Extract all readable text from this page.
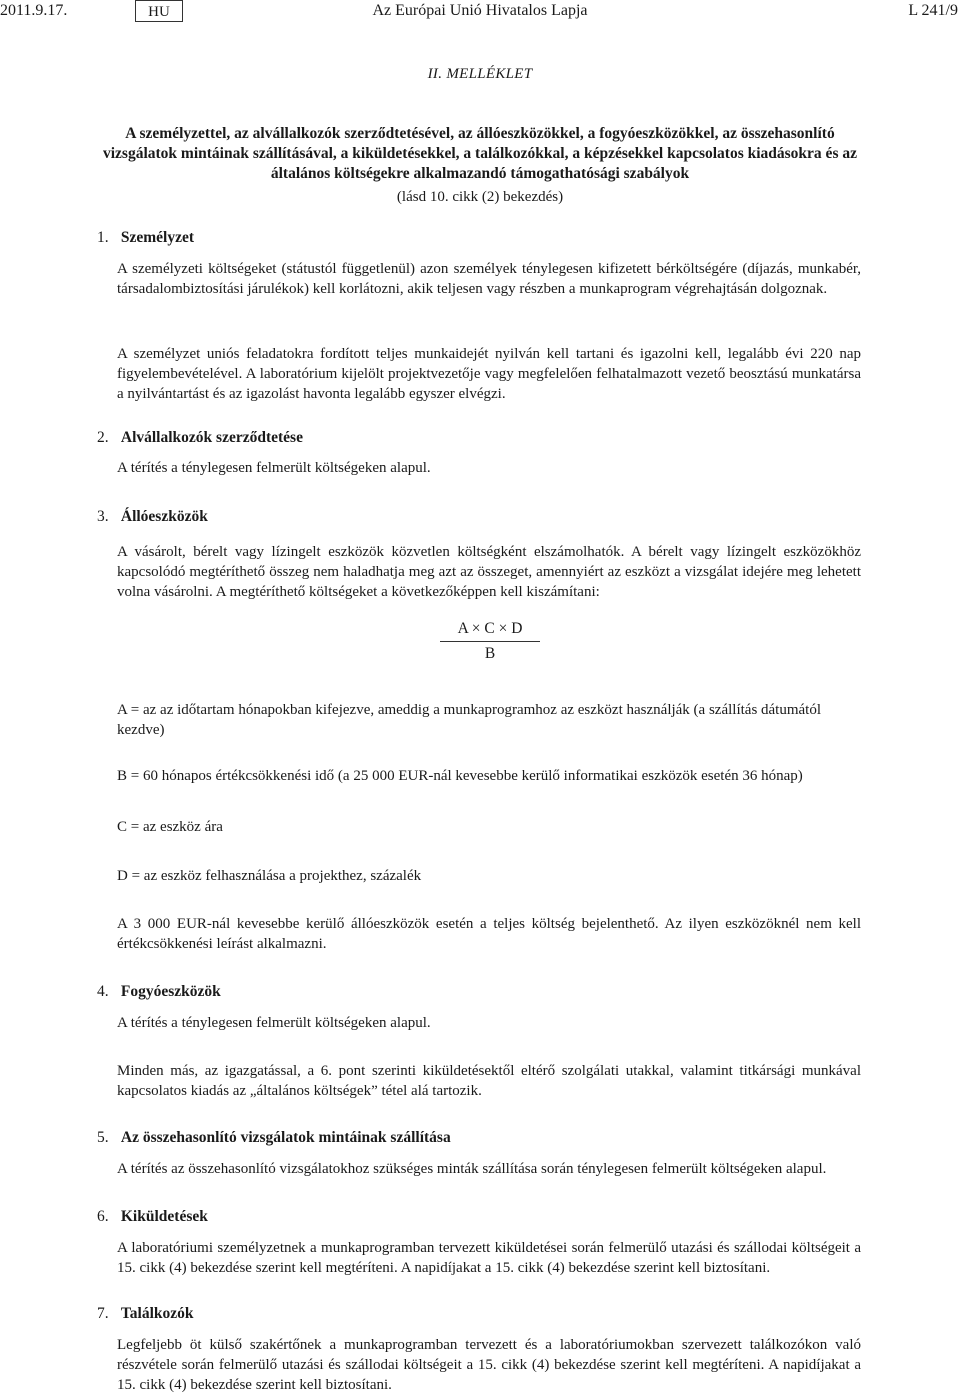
2011.9.17.	Az Európai Unió Hivatalos Lapja
HU	L 241/9
II. MELLÉKLET
A személyzettel, az alvállalkozók szerződtetésével, az állóeszközökkel, a fogyóeszközökkel, az összehasonlító vizsgálatok mintáinak szállításával, a kiküldetésekkel, a találkozókkal, a képzésekkel kapcsolatos kiadásokra és az általános költségekre alkalmazandó támogathatósági szabályok
(lásd 10. cikk (2) bekezdés)
1. Személyzet
A személyzeti költségeket (státustól függetlenül) azon személyek ténylegesen kifizetett bérköltségére (díjazás, munkabér, társadalombiztosítási járulékok) kell korlátozni, akik teljesen vagy részben a munkaprogram végrehajtásán dolgoznak.
A személyzet uniós feladatokra fordított teljes munkaidejét nyilván kell tartani és igazolni kell, legalább évi 220 nap figyelembevételével. A laboratórium kijelölt projektvezetője vagy megfelelően felhatalmazott vezető beosztású munkatársa a nyilvántartást és az igazolást havonta legalább egyszer elvégzi.
2. Alvállalkozók szerződtetése
A térítés a ténylegesen felmerült költségeken alapul.
3. Állóeszközök
A vásárolt, bérelt vagy lízingelt eszközök közvetlen költségként elszámolhatók. A bérelt vagy lízingelt eszközökhöz kapcsolódó megtéríthető összeg nem haladhatja meg azt az összeget, amennyiért az eszközt a vizsgálat idejére meg lehetett volna vásárolni. A megtéríthető költségeket a következőképpen kell kiszámítani:
$\frac{A \times C \times D}{B}$
A = az az időtartam hónapokban kifejezve, ameddig a munkaprogramhoz az eszközt használják (a szállítás dátumától kezdve)
B = 60 hónapos értékcsökkenési idő (a 25 000 EUR-nál kevesebbe kerülő informatikai eszközök esetén 36 hónap)
C = az eszköz ára
D = az eszköz felhasználása a projekthez, százalék
A 3 000 EUR-nál kevesebbe kerülő állóeszközök esetén a teljes költség bejelenthető. Az ilyen eszközöknél nem kell értékcsökkenési leírást alkalmazni.
4. Fogyóeszközök
A térítés a ténylegesen felmerült költségeken alapul.
Minden más, az igazgatással, a 6. pont szerinti kiküldetésektől eltérő szolgálati utakkal, valamint titkársági munkával kapcsolatos kiadás az „általános költségek” tétel alá tartozik.
5. Az összehasonlító vizsgálatok mintáinak szállítása
A térítés az összehasonlító vizsgálatokhoz szükséges minták szállítása során ténylegesen felmerült költségeken alapul.
6. Kiküldetések
A laboratóriumi személyzetnek a munkaprogramban tervezett kiküldetései során felmerülő utazási és szállodai költségeit a 15. cikk (4) bekezdése szerint kell megtéríteni. A napidíjakat a 15. cikk (4) bekezdése szerint kell biztosítani.
7. Találkozók
Legfeljebb öt külső szakértőnek a munkaprogramban tervezett és a laboratóriumokban szervezett találkozókon való részvétele során felmerülő utazási és szállodai költségeit a 15. cikk (4) bekezdése szerint kell megtéríteni. A napidíjakat a 15. cikk (4) bekezdése szerint kell biztosítani.
